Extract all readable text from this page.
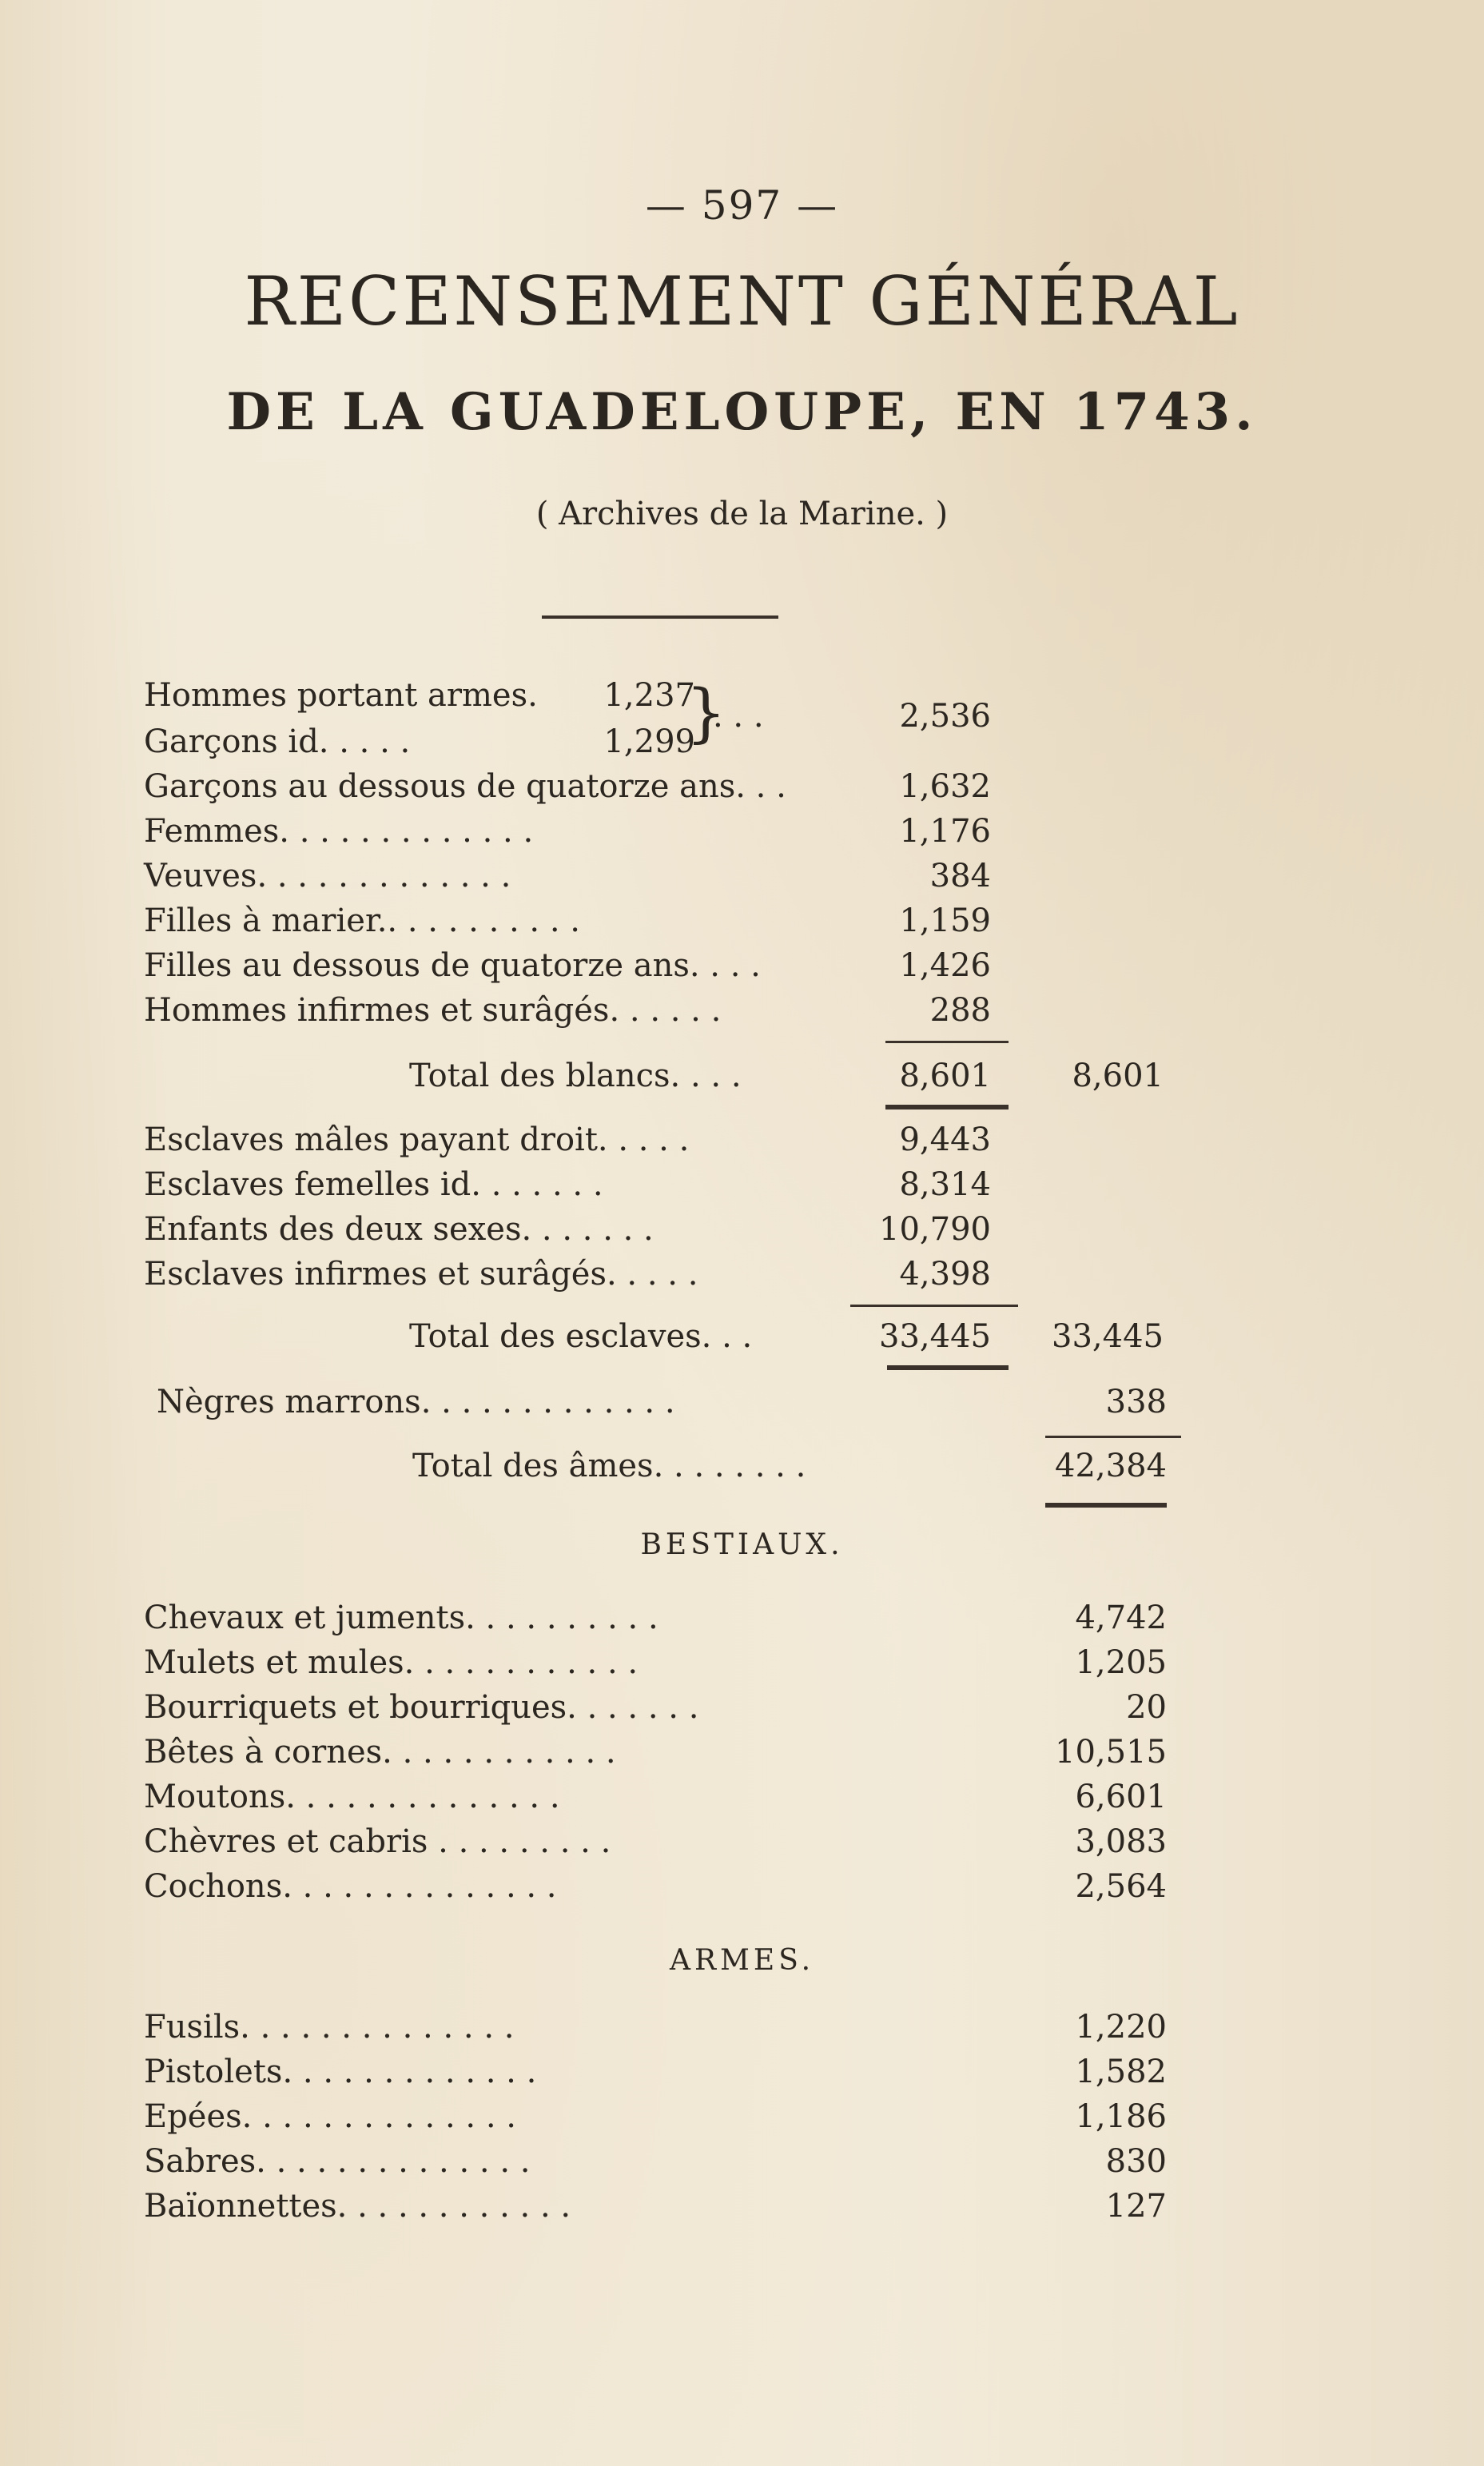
— 597 —
RECENSEMENT GÉNÉRAL
DE LA GUADELOUPE, EN 1743.
( Archives de la Marine. )
Hommes portant armes.	1,237
Garçons id. . . . .	1,299
}
. . .	2,536
Garçons au dessous de quatorze ans. . .	1,632
Femmes. . . . . . . . . . . . .	1,176
Veuves. . . . . . . . . . . . .	384
Filles à marier.. . . . . . . . . .	1,159
Filles au dessous de quatorze ans. . . .	1,426
Hommes infirmes et surâgés. . . . . .	288
Total des blancs. . . .	8,601	8,601
Esclaves mâles payant droit. . . . .	9,443
Esclaves femelles id. . . . . . .	8,314
Enfants des deux sexes. . . . . . .	10,790
Esclaves infirmes et surâgés. . . . .	4,398
Total des esclaves. . .	33,445	33,445
Nègres marrons. . . . . . . . . . . . .	338
Total des âmes. . . . . . . .	42,384
BESTIAUX.
Chevaux et juments. . . . . . . . . .	4,742
Mulets et mules. . . . . . . . . . . .	1,205
Bourriquets et bourriques. . . . . . .	20
Bêtes à cornes. . . . . . . . . . . .	10,515
Moutons. . . . . . . . . . . . . .	6,601
Chèvres et cabris . . . . . . . . .	3,083
Cochons. . . . . . . . . . . . . .	2,564
ARMES.
Fusils. . . . . . . . . . . . . .	1,220
Pistolets. . . . . . . . . . . . .	1,582
Epées. . . . . . . . . . . . . .	1,186
Sabres. . . . . . . . . . . . . .	830
Baïonnettes. . . . . . . . . . . .	127
